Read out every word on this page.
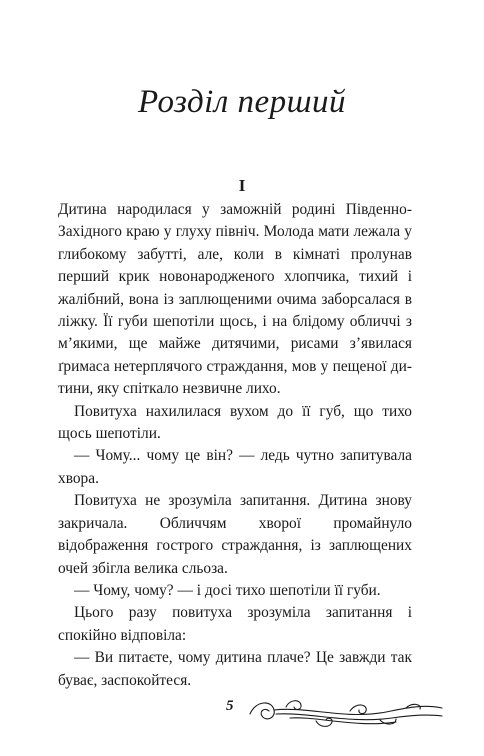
Розділ перший
I

Дитина народилася у заможній родині Південно-Західного краю у глуху північ. Молода мати лежала у глибокому забутті, але, коли в кімнаті пролунав перший крик новонародженого хлопчика, тихий і жалібний, вона із заплющеними очима заборсалася в ліжку. Її губи шепотіли щось, і на блідому обличчі з м’якими, ще майже дитячими, рисами з’явилася ґримаса нетерплячого страждання, мов у пещеної дитини, яку спіткало незвичне лихо.

Повитуха нахилилася вухом до її губ, що тихо щось шепотіли.

— Чому... чому це він? — ледь чутно запитувала хвора.

Повитуха не зрозуміла запитання. Дитина знову закричала. Обличчям хворої промайнуло відображення гострого страждання, із заплющених очей збігла велика сльоза.

— Чому, чому? — і досі тихо шепотіли її губи.

Цього разу повитуха зрозуміла запитання і спокійно відповіла:

— Ви питаєте, чому дитина плаче? Це завжди так буває, заспокойтеся.

5
